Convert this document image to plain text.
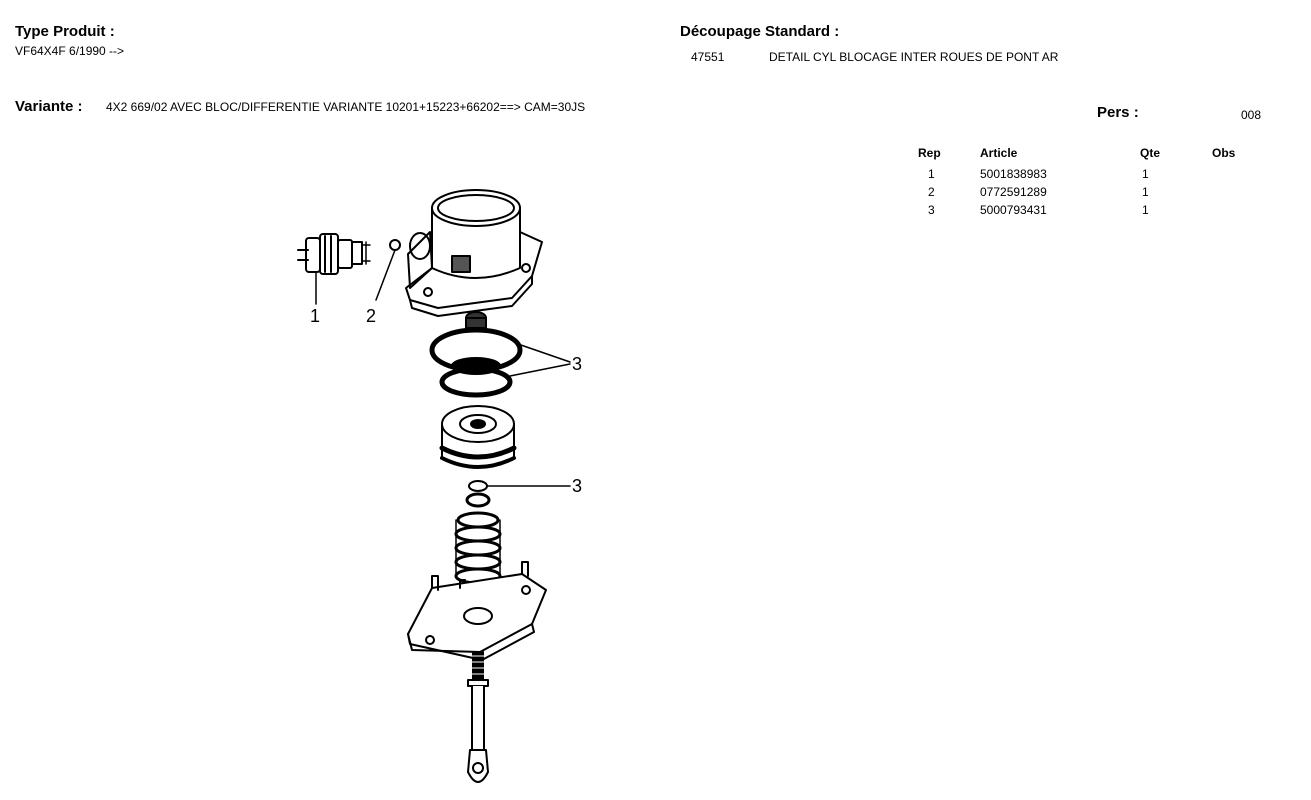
Type Produit :
VF64X4F 6/1990 -->
Découpage Standard :
47551	DETAIL CYL BLOCAGE INTER ROUES DE PONT AR
Variante : 4X2 669/02 AVEC BLOC/DIFFERENTIE VARIANTE 10201+15223+66202==> CAM=30JS	Pers :	008
Rep	Article	Qte	Obs
1	5001838983	1	
2	0772591289	1	
3	5000793431	1	
1	2
3
3
